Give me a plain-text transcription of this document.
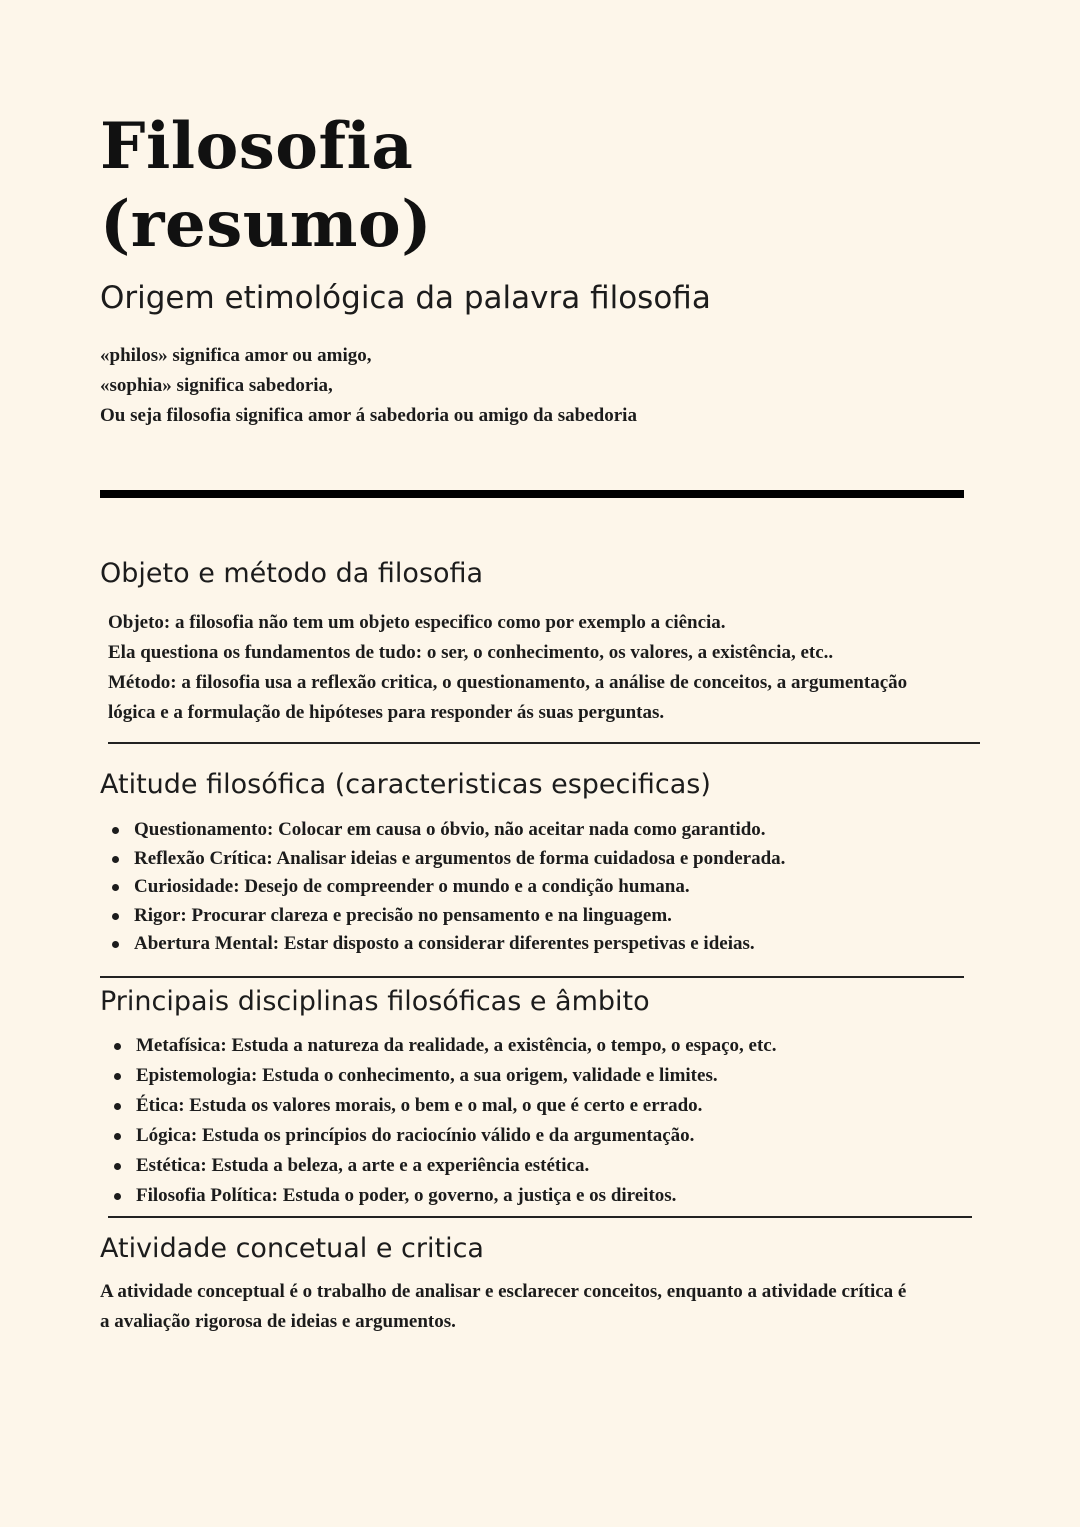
Filosofia
(resumo)
Origem etimológica da palavra filosofia

«philos» significa amor ou amigo,
«sophia» significa sabedoria,
Ou seja filosofia significa amor á sabedoria ou amigo da sabedoria

Objeto e método da filosofia

Objeto: a filosofia não tem um objeto especifico como por exemplo a ciência.
Ela questiona os fundamentos de tudo: o ser, o conhecimento, os valores, a existência, etc..
Método: a filosofia usa a reflexão critica, o questionamento, a análise de conceitos, a argumentação
lógica e a formulação de hipóteses para responder ás suas perguntas.

Atitude filosófica (caracteristicas especificas)
Questionamento: Colocar em causa o óbvio, não aceitar nada como garantido.
Reflexão Crítica: Analisar ideias e argumentos de forma cuidadosa e ponderada.
Curiosidade: Desejo de compreender o mundo e a condição humana.
Rigor: Procurar clareza e precisão no pensamento e na linguagem.
Abertura Mental: Estar disposto a considerar diferentes perspetivas e ideias.
Principais disciplinas filosóficas e âmbito
Metafísica: Estuda a natureza da realidade, a existência, o tempo, o espaço, etc.
Epistemologia: Estuda o conhecimento, a sua origem, validade e limites.
Ética: Estuda os valores morais, o bem e o mal, o que é certo e errado.
Lógica: Estuda os princípios do raciocínio válido e da argumentação.
Estética: Estuda a beleza, a arte e a experiência estética.
Filosofia Política: Estuda o poder, o governo, a justiça e os direitos.
Atividade concetual e critica

A atividade conceptual é o trabalho de analisar e esclarecer conceitos, enquanto a atividade crítica é
a avaliação rigorosa de ideias e argumentos.
